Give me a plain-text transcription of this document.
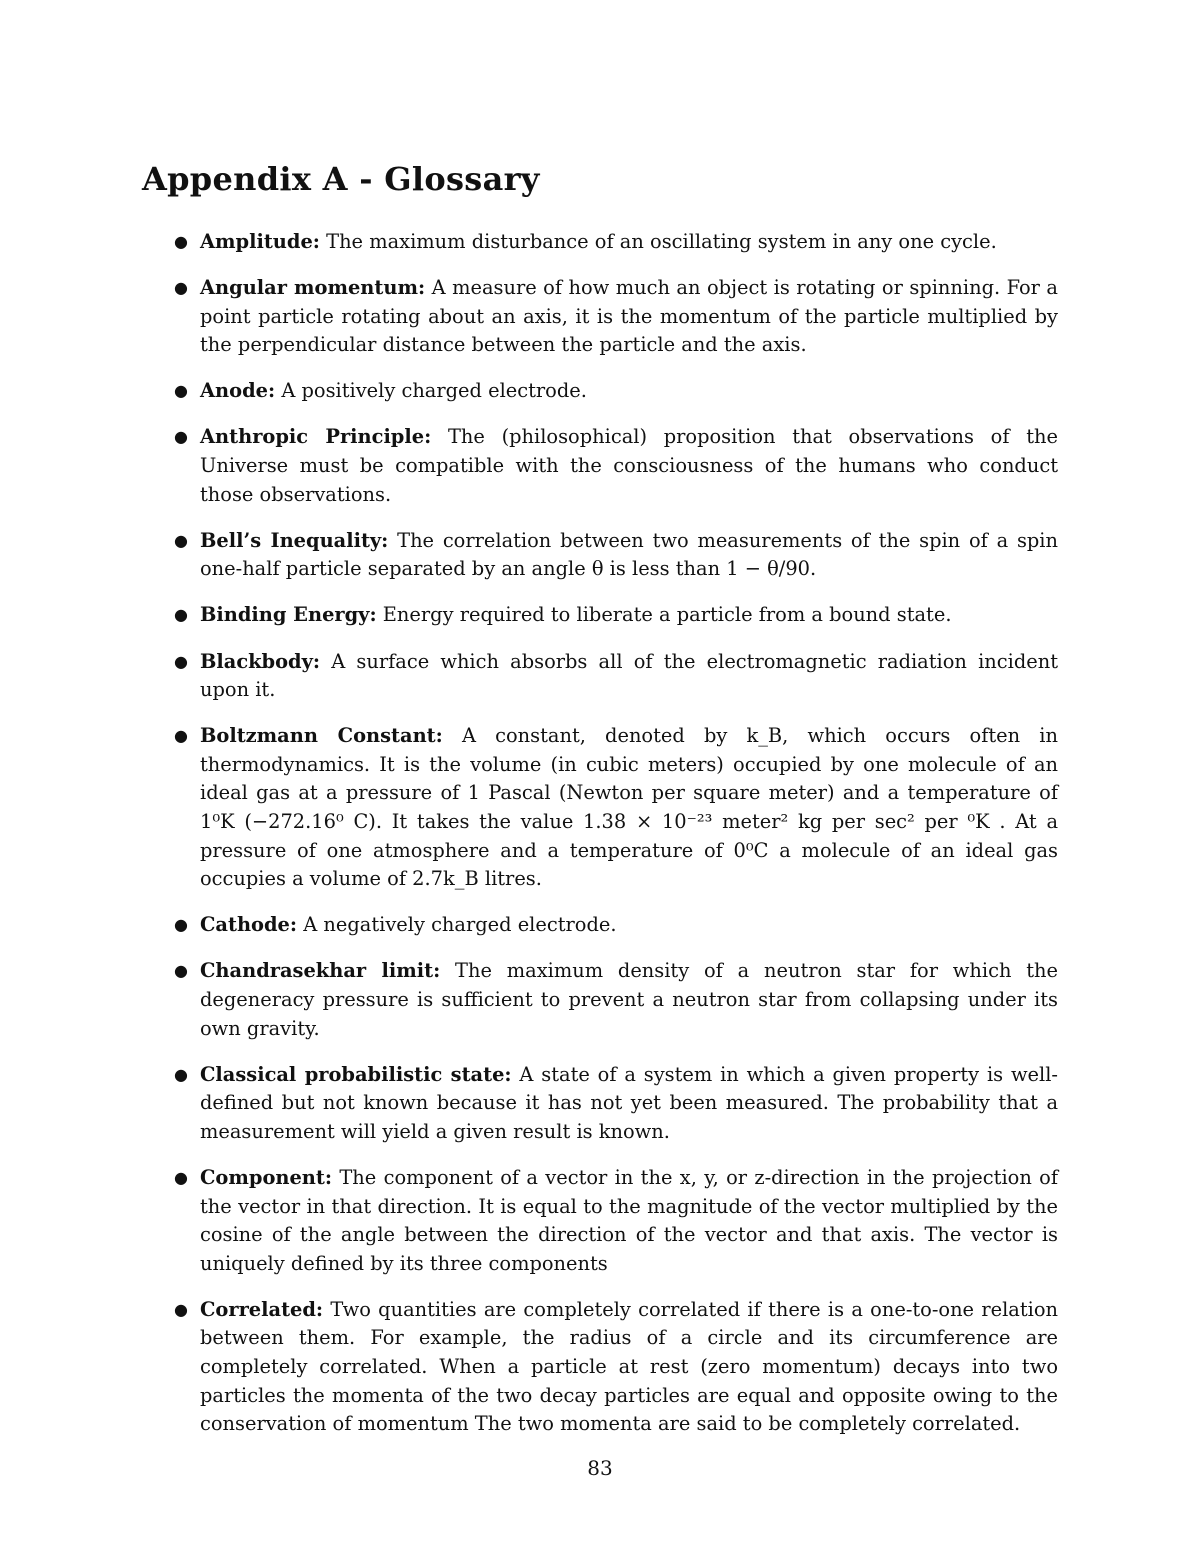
Appendix A - Glossary
● Amplitude: The maximum disturbance of an oscillating system in any one cycle.
● Angular momentum: A measure of how much an object is rotating or spinning. For a point particle rotating about an axis, it is the momentum of the particle multiplied by the perpendicular distance between the particle and the axis.
● Anode: A positively charged electrode.
● Anthropic Principle: The (philosophical) proposition that observations of the Universe must be compatible with the consciousness of the humans who conduct those observations.
● Bell’s Inequality: The correlation between two measurements of the spin of a spin one-half particle separated by an angle θ is less than 1 − θ/90.
● Binding Energy: Energy required to liberate a particle from a bound state.
● Blackbody: A surface which absorbs all of the electromagnetic radiation incident upon it.
● Boltzmann Constant: A constant, denoted by k_B, which occurs often in thermodynamics. It is the volume (in cubic meters) occupied by one molecule of an ideal gas at a pressure of 1 Pascal (Newton per square meter) and a temperature of 1⁰K (−272.16⁰ C). It takes the value 1.38 × 10⁻²³ meter² kg per sec² per ⁰K . At a pressure of one atmosphere and a temperature of 0⁰C a molecule of an ideal gas occupies a volume of 2.7k_B litres.
● Cathode: A negatively charged electrode.
● Chandrasekhar limit: The maximum density of a neutron star for which the degeneracy pressure is sufficient to prevent a neutron star from collapsing under its own gravity.
● Classical probabilistic state: A state of a system in which a given property is well-defined but not known because it has not yet been measured. The probability that a measurement will yield a given result is known.
● Component: The component of a vector in the x, y, or z-direction in the projection of the vector in that direction. It is equal to the magnitude of the vector multiplied by the cosine of the angle between the direction of the vector and that axis. The vector is uniquely defined by its three components
● Correlated: Two quantities are completely correlated if there is a one-to-one relation between them. For example, the radius of a circle and its circumference are completely correlated. When a particle at rest (zero momentum) decays into two particles the momenta of the two decay particles are equal and opposite owing to the conservation of momentum The two momenta are said to be completely correlated.
83
